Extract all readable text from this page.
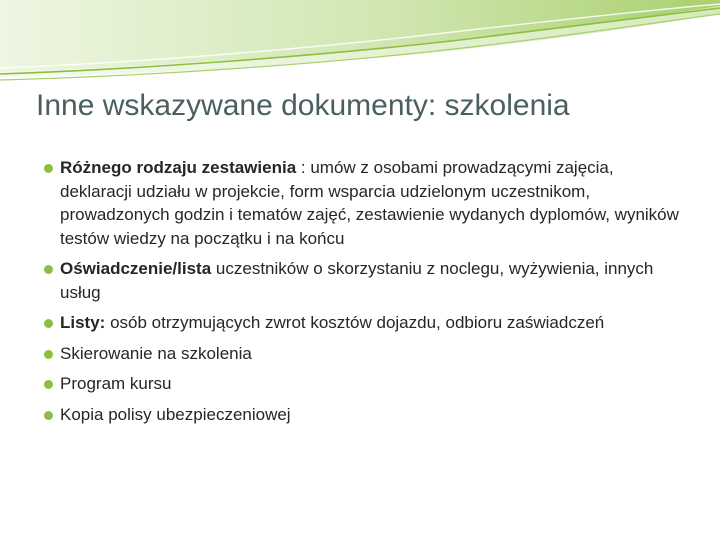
Inne wskazywane dokumenty: szkolenia
Różnego rodzaju zestawienia : umów z osobami prowadzącymi zajęcia, deklaracji udziału w projekcie, form wsparcia udzielonym uczestnikom, prowadzonych godzin i tematów zajęć, zestawienie wydanych dyplomów, wyników testów wiedzy na początku i na końcu
Oświadczenie/lista uczestników o skorzystaniu z noclegu, wyżywienia, innych usług
Listy: osób otrzymujących zwrot kosztów dojazdu, odbioru zaświadczeń
Skierowanie na szkolenia
Program kursu
Kopia polisy ubezpieczeniowej
